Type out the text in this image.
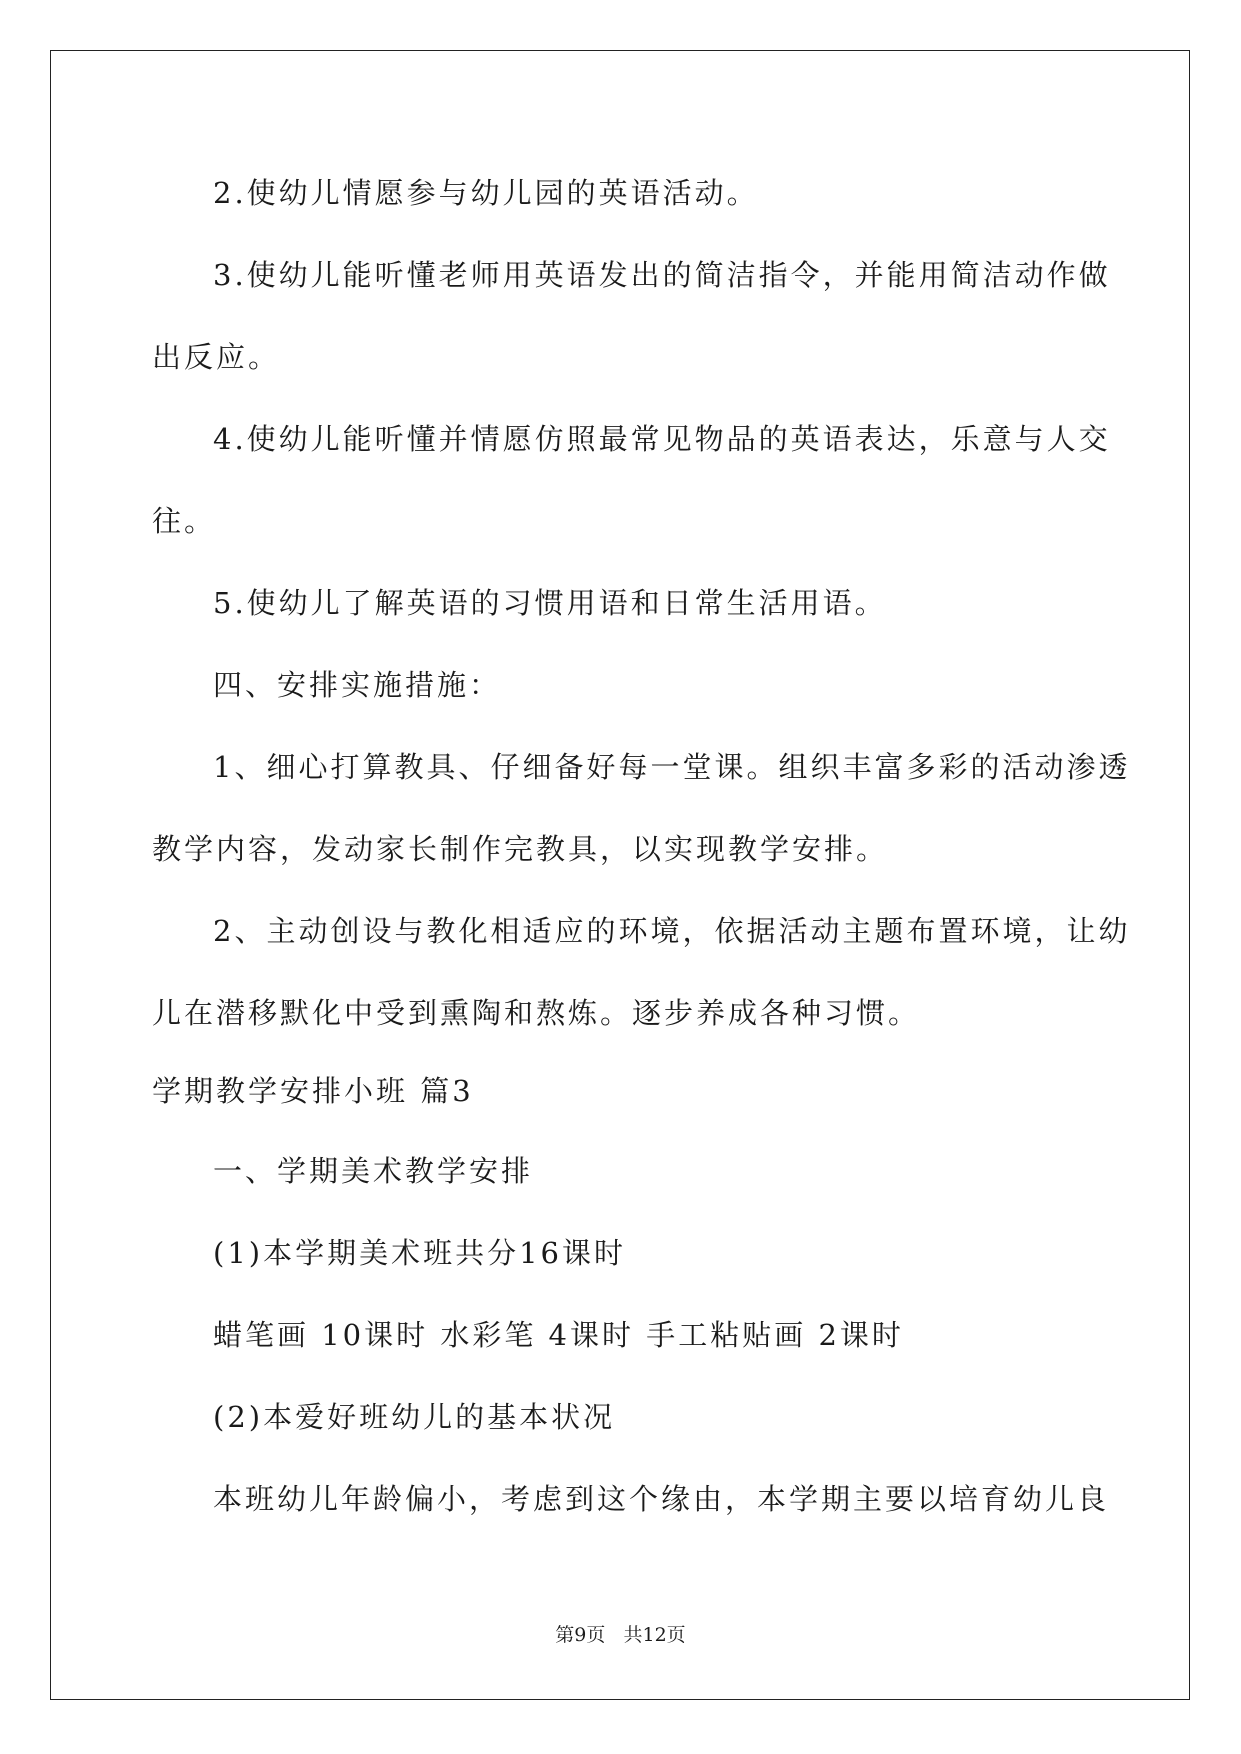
2.使幼儿情愿参与幼儿园的英语活动。
3.使幼儿能听懂老师用英语发出的简洁指令，并能用简洁动作做
出反应。
4.使幼儿能听懂并情愿仿照最常见物品的英语表达，乐意与人交
往。
5.使幼儿了解英语的习惯用语和日常生活用语。
四、安排实施措施：
1、细心打算教具、仔细备好每一堂课。组织丰富多彩的活动渗透
教学内容，发动家长制作完教具，以实现教学安排。
2、主动创设与教化相适应的环境，依据活动主题布置环境，让幼
儿在潜移默化中受到熏陶和熬炼。逐步养成各种习惯。
学期教学安排小班 篇3
一、学期美术教学安排
(1)本学期美术班共分16课时
蜡笔画 10课时 水彩笔 4课时 手工粘贴画 2课时
(2)本爱好班幼儿的基本状况
本班幼儿年龄偏小，考虑到这个缘由，本学期主要以培育幼儿良
第9页   共12页
